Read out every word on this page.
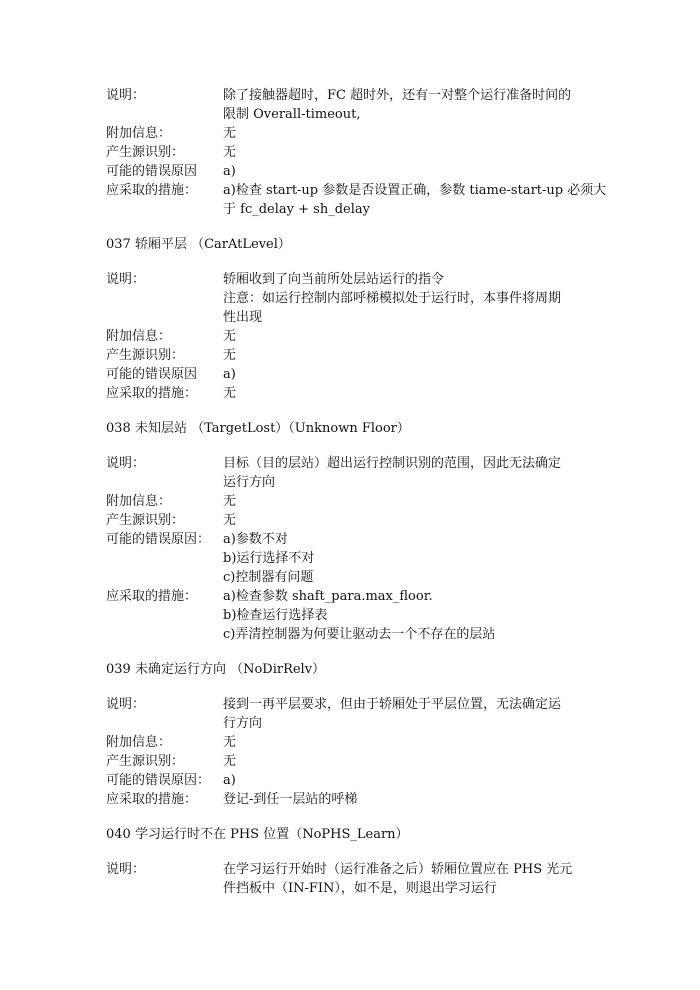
说明：	除了接触器超时，FC 超时外，还有一对整个运行准备时间的
限制 Overall-timeout,
附加信息：	无
产生源识别：	无
可能的错误原因 a)
应采取的措施： a)检查 start-up 参数是否设置正确，参数 tiame-start-up 必须大
于 fc_delay + sh_delay
037 轿厢平层 （CarAtLevel）
说明：	轿厢收到了向当前所处层站运行的指令
注意：如运行控制内部呼梯模拟处于运行时，本事件将周期
性出现
附加信息：	无
产生源识别：	无
可能的错误原因 a)
应采取的措施： 无
038 未知层站 （TargetLost）（Unknown Floor）
说明：	目标（目的层站）超出运行控制识别的范围，因此无法确定
运行方向
附加信息：	无
产生源识别：	无
可能的错误原因： a)参数不对
b)运行选择不对
c)控制器有问题
应采取的措施： a)检查参数 shaft_para.max_floor.
b)检查运行选择表
c)弄清控制器为何要让驱动去一个不存在的层站
039 未确定运行方向 （NoDirRelv）
说明：	接到一再平层要求，但由于轿厢处于平层位置，无法确定运
行方向
附加信息：	无
产生源识别：	无
可能的错误原因： a)
应采取的措施： 登记-到任一层站的呼梯
040 学习运行时不在 PHS 位置（NoPHS_Learn）
说明：	在学习运行开始时（运行准备之后）轿厢位置应在 PHS 光元
件挡板中（IN-FIN），如不是，则退出学习运行
